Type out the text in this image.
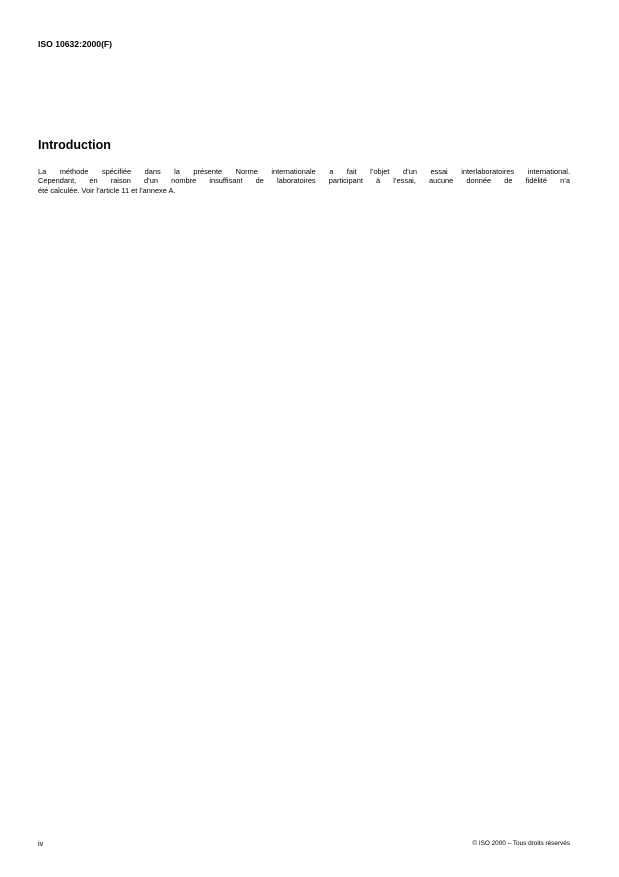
ISO 10632:2000(F)

Introduction

La méthode spécifiée dans la présente Norme internationale a fait l’objet d’un essai interlaboratoires international.
Cependant, en raison d’un nombre insuffisant de laboratoires participant à l’essai, aucune donnée de fidélité n’a
été calculée. Voir l’article 11 et l’annexe A.

iv	© ISO 2000 – Tous droits réservés
